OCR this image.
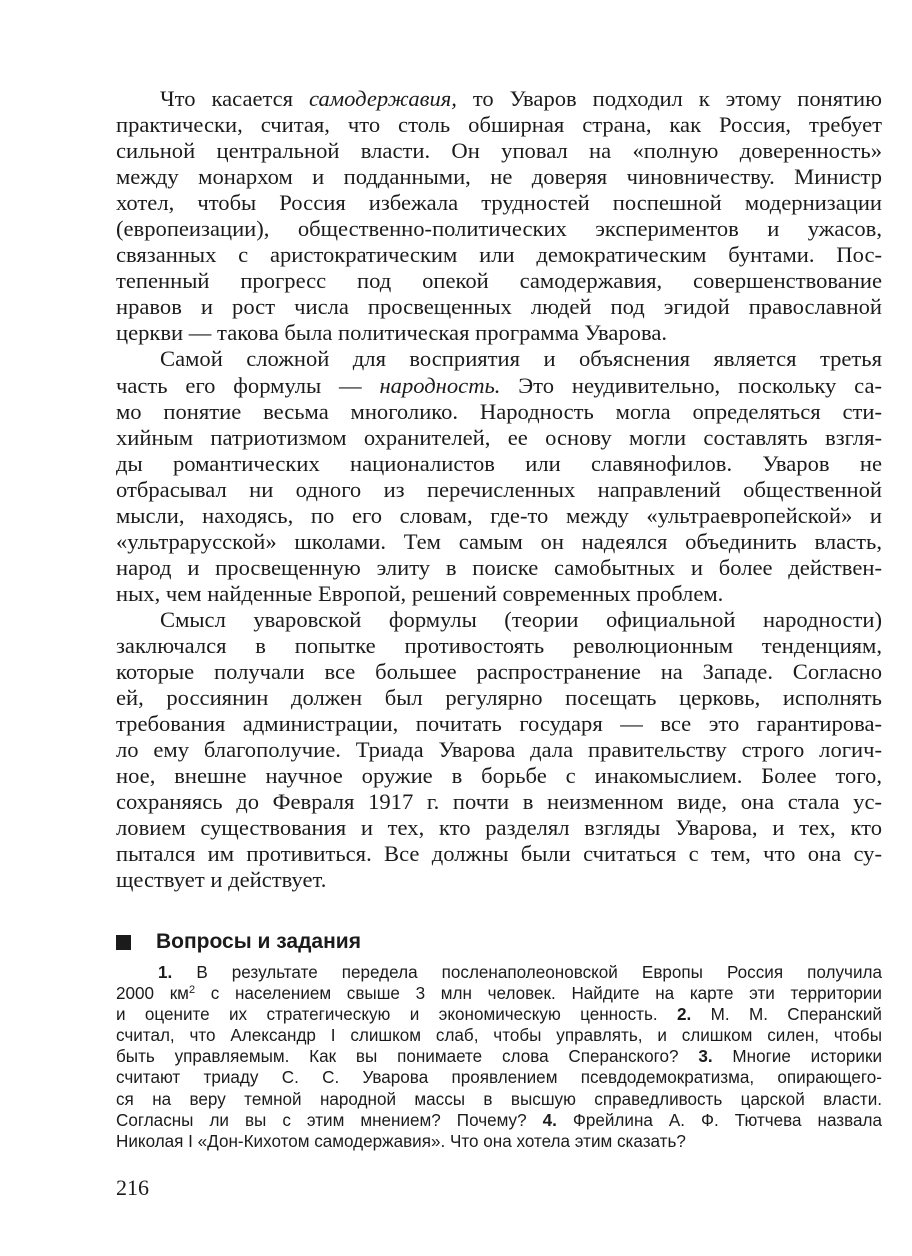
Что касается самодержавия, то Уваров подходил к этому понятию
практически, считая, что столь обширная страна, как Россия, требует
сильной центральной власти. Он уповал на «полную доверенность»
между монархом и подданными, не доверяя чиновничеству. Министр
хотел, чтобы Россия избежала трудностей поспешной модернизации
(европеизации), общественно-политических экспериментов и ужасов,
связанных с аристократическим или демократическим бунтами. Пос-
тепенный прогресс под опекой самодержавия, совершенствование
нравов и рост числа просвещенных людей под эгидой православной
церкви — такова была политическая программа Уварова.
Самой сложной для восприятия и объяснения является третья
часть его формулы — народность. Это неудивительно, поскольку са-
мо понятие весьма многолико. Народность могла определяться сти-
хийным патриотизмом охранителей, ее основу могли составлять взгля-
ды романтических националистов или славянофилов. Уваров не
отбрасывал ни одного из перечисленных направлений общественной
мысли, находясь, по его словам, где-то между «ультраевропейской» и
«ультрарусской» школами. Тем самым он надеялся объединить власть,
народ и просвещенную элиту в поиске самобытных и более действен-
ных, чем найденные Европой, решений современных проблем.
Смысл уваровской формулы (теории официальной народности)
заключался в попытке противостоять революционным тенденциям,
которые получали все большее распространение на Западе. Согласно
ей, россиянин должен был регулярно посещать церковь, исполнять
требования администрации, почитать государя — все это гарантирова-
ло ему благополучие. Триада Уварова дала правительству строго логич-
ное, внешне научное оружие в борьбе с инакомыслием. Более того,
сохраняясь до Февраля 1917 г. почти в неизменном виде, она стала ус-
ловием существования и тех, кто разделял взгляды Уварова, и тех, кто
пытался им противиться. Все должны были считаться с тем, что она су-
ществует и действует.
Вопросы и задания
1. В результате передела посленаполеоновской Европы Россия получила
2000 $км^2$ с населением свыше 3 млн человек. Найдите на карте эти территории
и оцените их стратегическую и экономическую ценность. 2. М. М. Сперанский
считал, что Александр I слишком слаб, чтобы управлять, и слишком силен, чтобы
быть управляемым. Как вы понимаете слова Сперанского? 3. Многие историки
считают триаду С. С. Уварова проявлением псевдодемократизма, опирающего-
ся на веру темной народной массы в высшую справедливость царской власти.
Согласны ли вы с этим мнением? Почему? 4. Фрейлина А. Ф. Тютчева назвала
Николая I «Дон-Кихотом самодержавия». Что она хотела этим сказать?
216
